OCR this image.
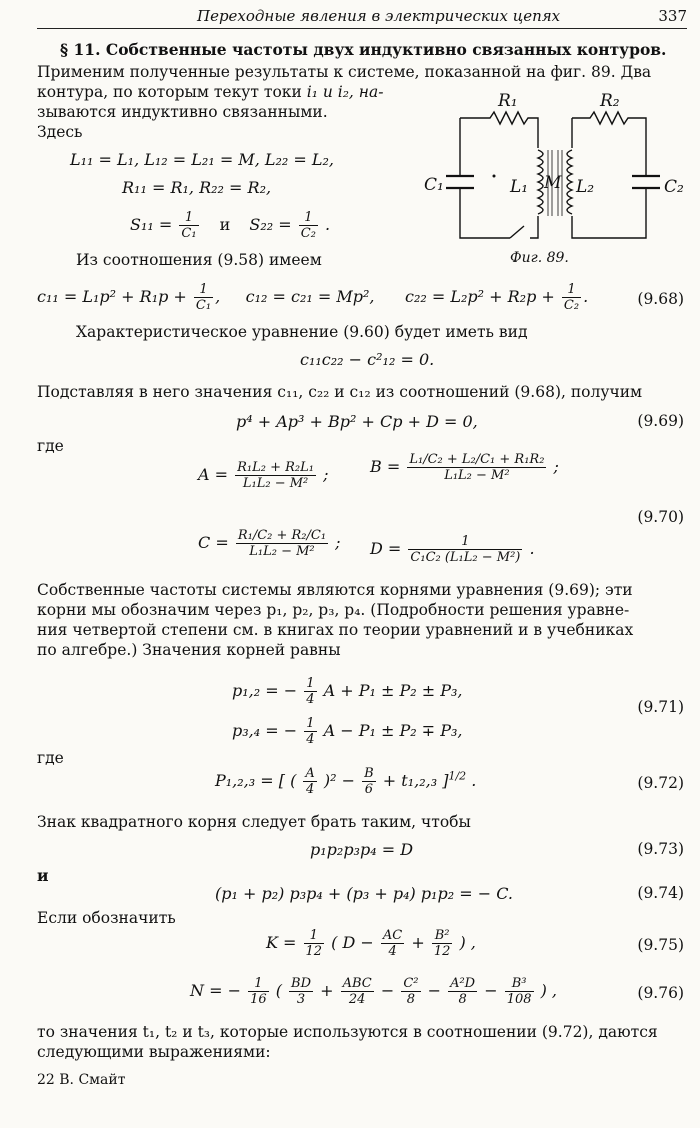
Переходные явления в электрических цепях	337
§ 11. Собственные частоты двух индуктивно связанных контуров.
Применим полученные результаты к системе, показанной на фиг. 89. Два
контура, по которым текут токи i₁ и i₂, на-
зываются индуктивно связанными.
Здесь
L₁₁ = L₁, L₁₂ = L₂₁ = M, L₂₂ = L₂,
R₁₁ = R₁, R₂₂ = R₂,
$S_{11} = \frac{1}{\text{C₁}}$ и $S_{22} = \frac{1}{\text{C₂}}$ .
R₁	R₂
C₁	C₂
L₁	L₂
M
Фиг. 89.
Из соотношения (9.58) имеем
$c_{11} = L_1p^2 + R_1p + \frac{1}{\text{C₁}}$ ,     c₁₂ = c₂₁ = Mp²,      $c_{22} = L_2p^2 + R_2p + \frac{1}{\text{C₂}}$ .	(9.68)
Характеристическое уравнение (9.60) будет иметь вид
c₁₁c₂₂ − c²₁₂ = 0.
Подставляя в него значения c₁₁, c₂₂ и c₁₂ из соотношений (9.68), получим
p⁴ + Ap³ + Bp² + Cp + D = 0,	(9.69)
где
$A = \frac{\text{R₁L₂ + R₂L₁}}{\text{L₁L₂ − M²}}$ ;	$B = \frac{\text{L₁/C₂ + L₂/C₁ + R₁R₂}}{\text{L₁L₂ − M²}}$ ;
$C = \frac{\text{R₁/C₂ + R₂/C₁}}{\text{L₁L₂ − M²}}$ ; $D = \frac{1}{\text{C₁C₂ (L₁L₂ − M²)}}$ .
(9.70)
Собственные частоты системы являются корнями уравнения (9.69); эти
корни мы обозначим через p₁, p₂, p₃, p₄. (Подробности решения уравне-
ния четвертой степени см. в книгах по теории уравнений и в учебниках
по алгебре.) Значения корней равны
p₁,₂ = − $\frac{1}{4}$ A + P₁ ± P₂ ± P₃,
p₃,₄ = − $\frac{1}{4}$ A − P₁ ± P₂ ∓ P₃,
(9.71)
где
P₁,₂,₃ = [ ( $\frac{A}{4} )^2 - \frac{B}{6} + t_1,_2,_3$ ]$^{1/2}$ .	(9.72)
Знак квадратного корня следует брать таким, чтобы
p₁p₂p₃p₄ = D	(9.73)
и
(p₁ + p₂) p₃p₄ + (p₃ + p₄) p₁p₂ = − C.	(9.74)
Если обозначить
$K = \frac{1}{12}$ ( $D - \frac{AC}{4} + \frac{\text{B²}}{12}$ ) ,	(9.75)
N = − $\frac{1}{16}$ ( $\frac{BD}{3} + \frac{\text{ABC}}{24} - \frac{\text{C²}}{8} - \frac{\text{A²D}}{8} - \frac{\text{B³}}{108}$ ) ,	(9.76)
то значения t₁, t₂ и t₃, которые используются в соотношении (9.72), даются
следующими выражениями:
22 В. Смайт
